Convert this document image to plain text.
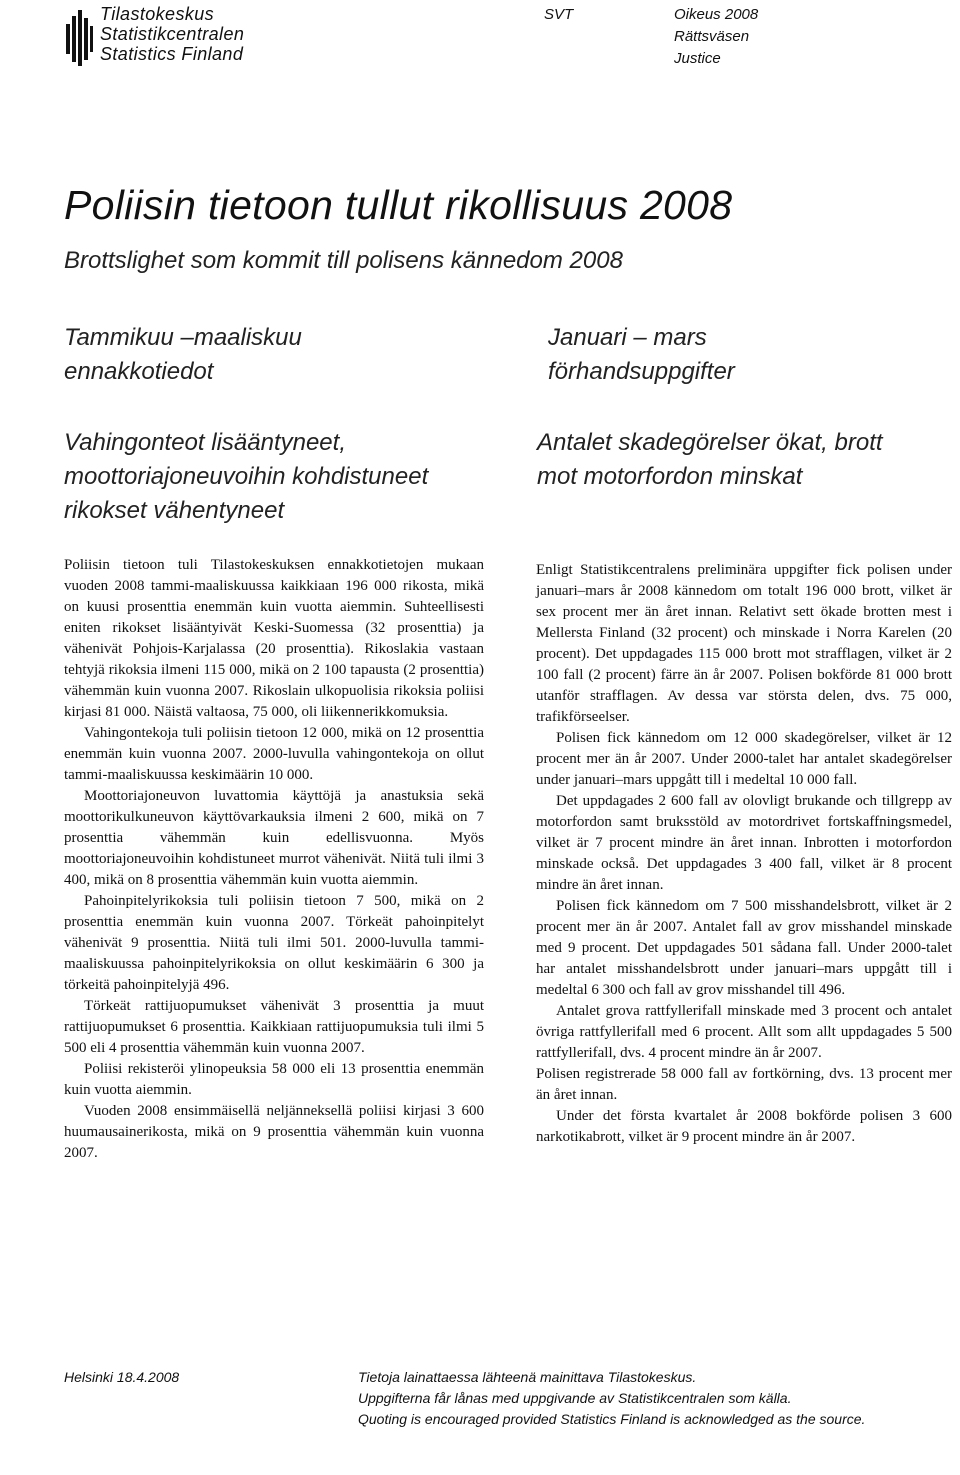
Tilastokeskus
Statistikcentralen
Statistics Finland
SVT	Oikeus 2008
Rättsväsen
Justice
Poliisin tietoon tullut rikollisuus 2008
Brottslighet som kommit till polisens kännedom 2008
Tammikuu –maaliskuu
ennakkotiedot
Vahingonteot lisääntyneet,
moottoriajoneuvoihin kohdistuneet
rikokset vähentyneet
Januari – mars
förhandsuppgifter
Antalet skadegörelser ökat, brott
mot motorfordon minskat

Poliisin tietoon tuli Tilastokeskuksen ennakkotietojen mukaan vuoden 2008 tammi-maaliskuussa kaikkiaan 196 000 rikosta, mikä on kuusi prosenttia enemmän kuin vuotta aiemmin. Suhteellisesti eniten rikokset lisääntyivät Keski-Suomessa (32 prosenttia) ja vähenivät Pohjois-Karjalassa (20 prosenttia). Rikoslakia vastaan tehtyjä rikoksia ilmeni 115 000, mikä on 2 100 tapausta (2 prosenttia) vähemmän kuin vuonna 2007. Rikoslain ulkopuolisia rikoksia poliisi kirjasi 81 000. Näistä valtaosa, 75 000, oli liikennerikkomuksia.

Vahingontekoja tuli poliisin tietoon 12 000, mikä on 12 prosenttia enemmän kuin vuonna 2007. 2000-luvulla vahingontekoja on ollut tammi-maaliskuussa keskimäärin 10 000.

Moottoriajoneuvon luvattomia käyttöjä ja anastuksia sekä moottorikulkuneuvon käyttövarkauksia ilmeni 2 600, mikä on 7 prosenttia vähemmän kuin edellisvuonna. Myös moottoriajoneuvoihin kohdistuneet murrot vähenivät. Niitä tuli ilmi 3 400, mikä on 8 prosenttia vähemmän kuin vuotta aiemmin.

Pahoinpitelyrikoksia tuli poliisin tietoon 7 500, mikä on 2 prosenttia enemmän kuin vuonna 2007. Törkeät pahoinpitelyt vähenivät 9 prosenttia. Niitä tuli ilmi 501. 2000-luvulla tammi-maaliskuussa pahoinpitelyrikoksia on ollut keskimäärin 6 300 ja törkeitä pahoinpitelyjä 496.

Törkeät rattijuopumukset vähenivät 3 prosenttia ja muut rattijuopumukset 6 prosenttia. Kaikkiaan rattijuopumuksia tuli ilmi 5 500 eli 4 prosenttia vähemmän kuin vuonna 2007.

Poliisi rekisteröi ylinopeuksia 58 000 eli 13 prosenttia enemmän kuin vuotta aiemmin.

Vuoden 2008 ensimmäisellä neljänneksellä poliisi kirjasi 3 600 huumausainerikosta, mikä on 9 prosenttia vähemmän kuin vuonna 2007.

Enligt Statistikcentralens preliminära uppgifter fick polisen under januari–mars år 2008 kännedom om totalt 196 000 brott, vilket är sex procent mer än året innan. Relativt sett ökade brotten mest i Mellersta Finland (32 procent) och minskade i Norra Karelen (20 procent). Det uppdagades 115 000 brott mot strafflagen, vilket är 2 100 fall (2 procent) färre än år 2007. Polisen bokförde 81 000 brott utanför strafflagen. Av dessa var största delen, dvs. 75 000, trafikförseelser.

Polisen fick kännedom om 12 000 skadegörelser, vilket är 12 procent mer än år 2007. Under 2000-talet har antalet skadegörelser under januari–mars uppgått till i medeltal 10 000 fall.

Det uppdagades 2 600 fall av olovligt brukande och tillgrepp av motorfordon samt bruksstöld av motordrivet fortskaffningsmedel, vilket är 7 procent mindre än året innan. Inbrotten i motorfordon minskade också. Det uppdagades 3 400 fall, vilket är 8 procent mindre än året innan.

Polisen fick kännedom om 7 500 misshandelsbrott, vilket är 2 procent mer än år 2007. Antalet fall av grov misshandel minskade med 9 procent. Det uppdagades 501 sådana fall. Under 2000-talet har antalet misshandelsbrott under januari–mars uppgått till i medeltal 6 300 och fall av grov misshandel till 496.

Antalet grova rattfyllerifall minskade med 3 procent och antalet övriga rattfyllerifall med 6 procent. Allt som allt uppdagades 5 500 rattfyllerifall, dvs. 4 procent mindre än år 2007.

Polisen registrerade 58 000 fall av fortkörning, dvs. 13 procent mer än året innan.

Under det första kvartalet år 2008 bokförde polisen 3 600 narkotikabrott, vilket är 9 procent mindre än år 2007.

Helsinki 18.4.2008	Tietoja lainattaessa lähteenä mainittava Tilastokeskus.
Uppgifterna får lånas med uppgivande av Statistikcentralen som källa.
Quoting is encouraged provided Statistics Finland is acknowledged as the source.
